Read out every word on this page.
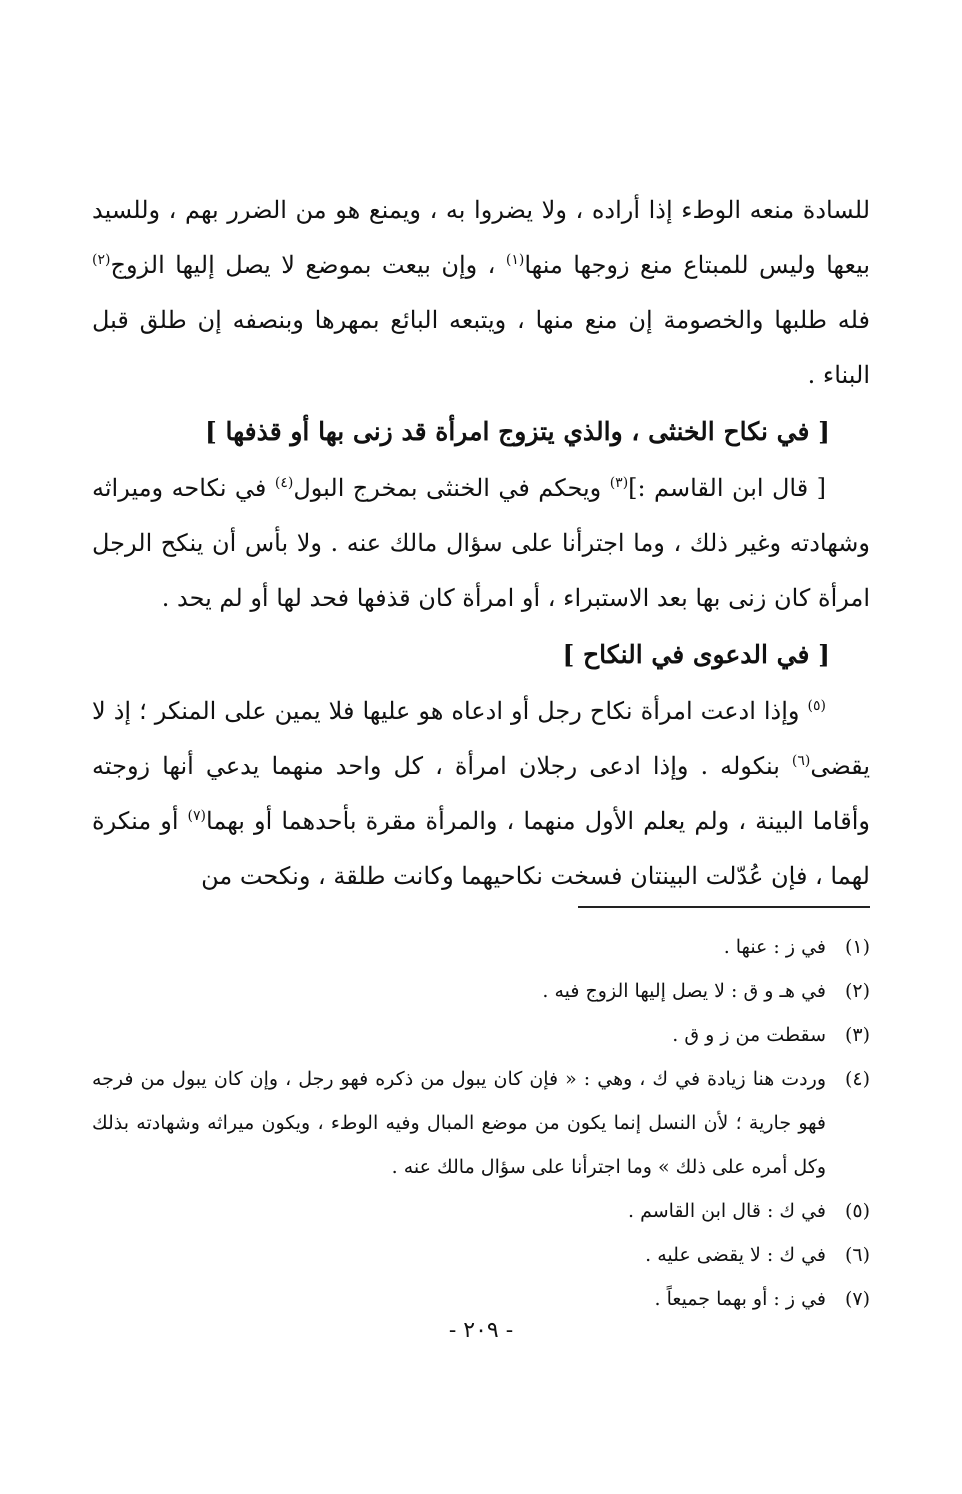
للسادة منعه الوطء إذا أراده ، ولا يضروا به ، ويمنع هو من الضرر بهم ، وللسيد بيعها وليس للمبتاع منع زوجها منها$^{(١)}$ ، وإن بيعت بموضع لا يصل إليها الزوج$^{(٢)}$ فله طلبها والخصومة إن منع منها ، ويتبعه البائع بمهرها وبنصفه إن طلق قبل البناء .

[ في نكاح الخنثى ، والذي يتزوج امرأة قد زنى بها أو قذفها ]

[ قال ابن القاسم :]$^{(٣)}$ ويحكم في الخنثى بمخرج البول$^{(٤)}$ في نكاحه وميراثه وشهادته وغير ذلك ، وما اجترأنا على سؤال مالك عنه . ولا بأس أن ينكح الرجل امرأة كان زنى بها بعد الاستبراء ، أو امرأة كان قذفها فحد لها أو لم يحد .

[ في الدعوى في النكاح ]

$^{(٥)}$ وإذا ادعت امرأة نكاح رجل أو ادعاه هو عليها فلا يمين على المنكر ؛ إذ لا يقضى$^{(٦)}$ بنكوله . وإذا ادعى رجلان امرأة ، كل واحد منهما يدعي أنها زوجته وأقاما البينة ، ولم يعلم الأول منهما ، والمرأة مقرة بأحدهما أو بهما$^{(٧)}$ أو منكرة لهما ، فإن عُدّلت البينتان فسخت نكاحيهما وكانت طلقة ، ونكحت من

(١)
في ز : عنها .
(٢)
في هـ و ق : لا يصل إليها الزوج فيه .
(٣)
سقطت من ز و ق .
(٤)
وردت هنا زيادة في ك ، وهي : « فإن كان يبول من ذكره فهو رجل ، وإن كان يبول من فرجه فهو جارية ؛ لأن النسل إنما يكون من موضع المبال وفيه الوطء ، ويكون ميراثه وشهادته بذلك وكل أمره على ذلك » وما اجترأنا على سؤال مالك عنه .
(٥)
في ك : قال ابن القاسم .
(٦)
في ك : لا يقضى عليه .
(٧)
في ز : أو بهما جميعاً .
- ٢٠٩ -
